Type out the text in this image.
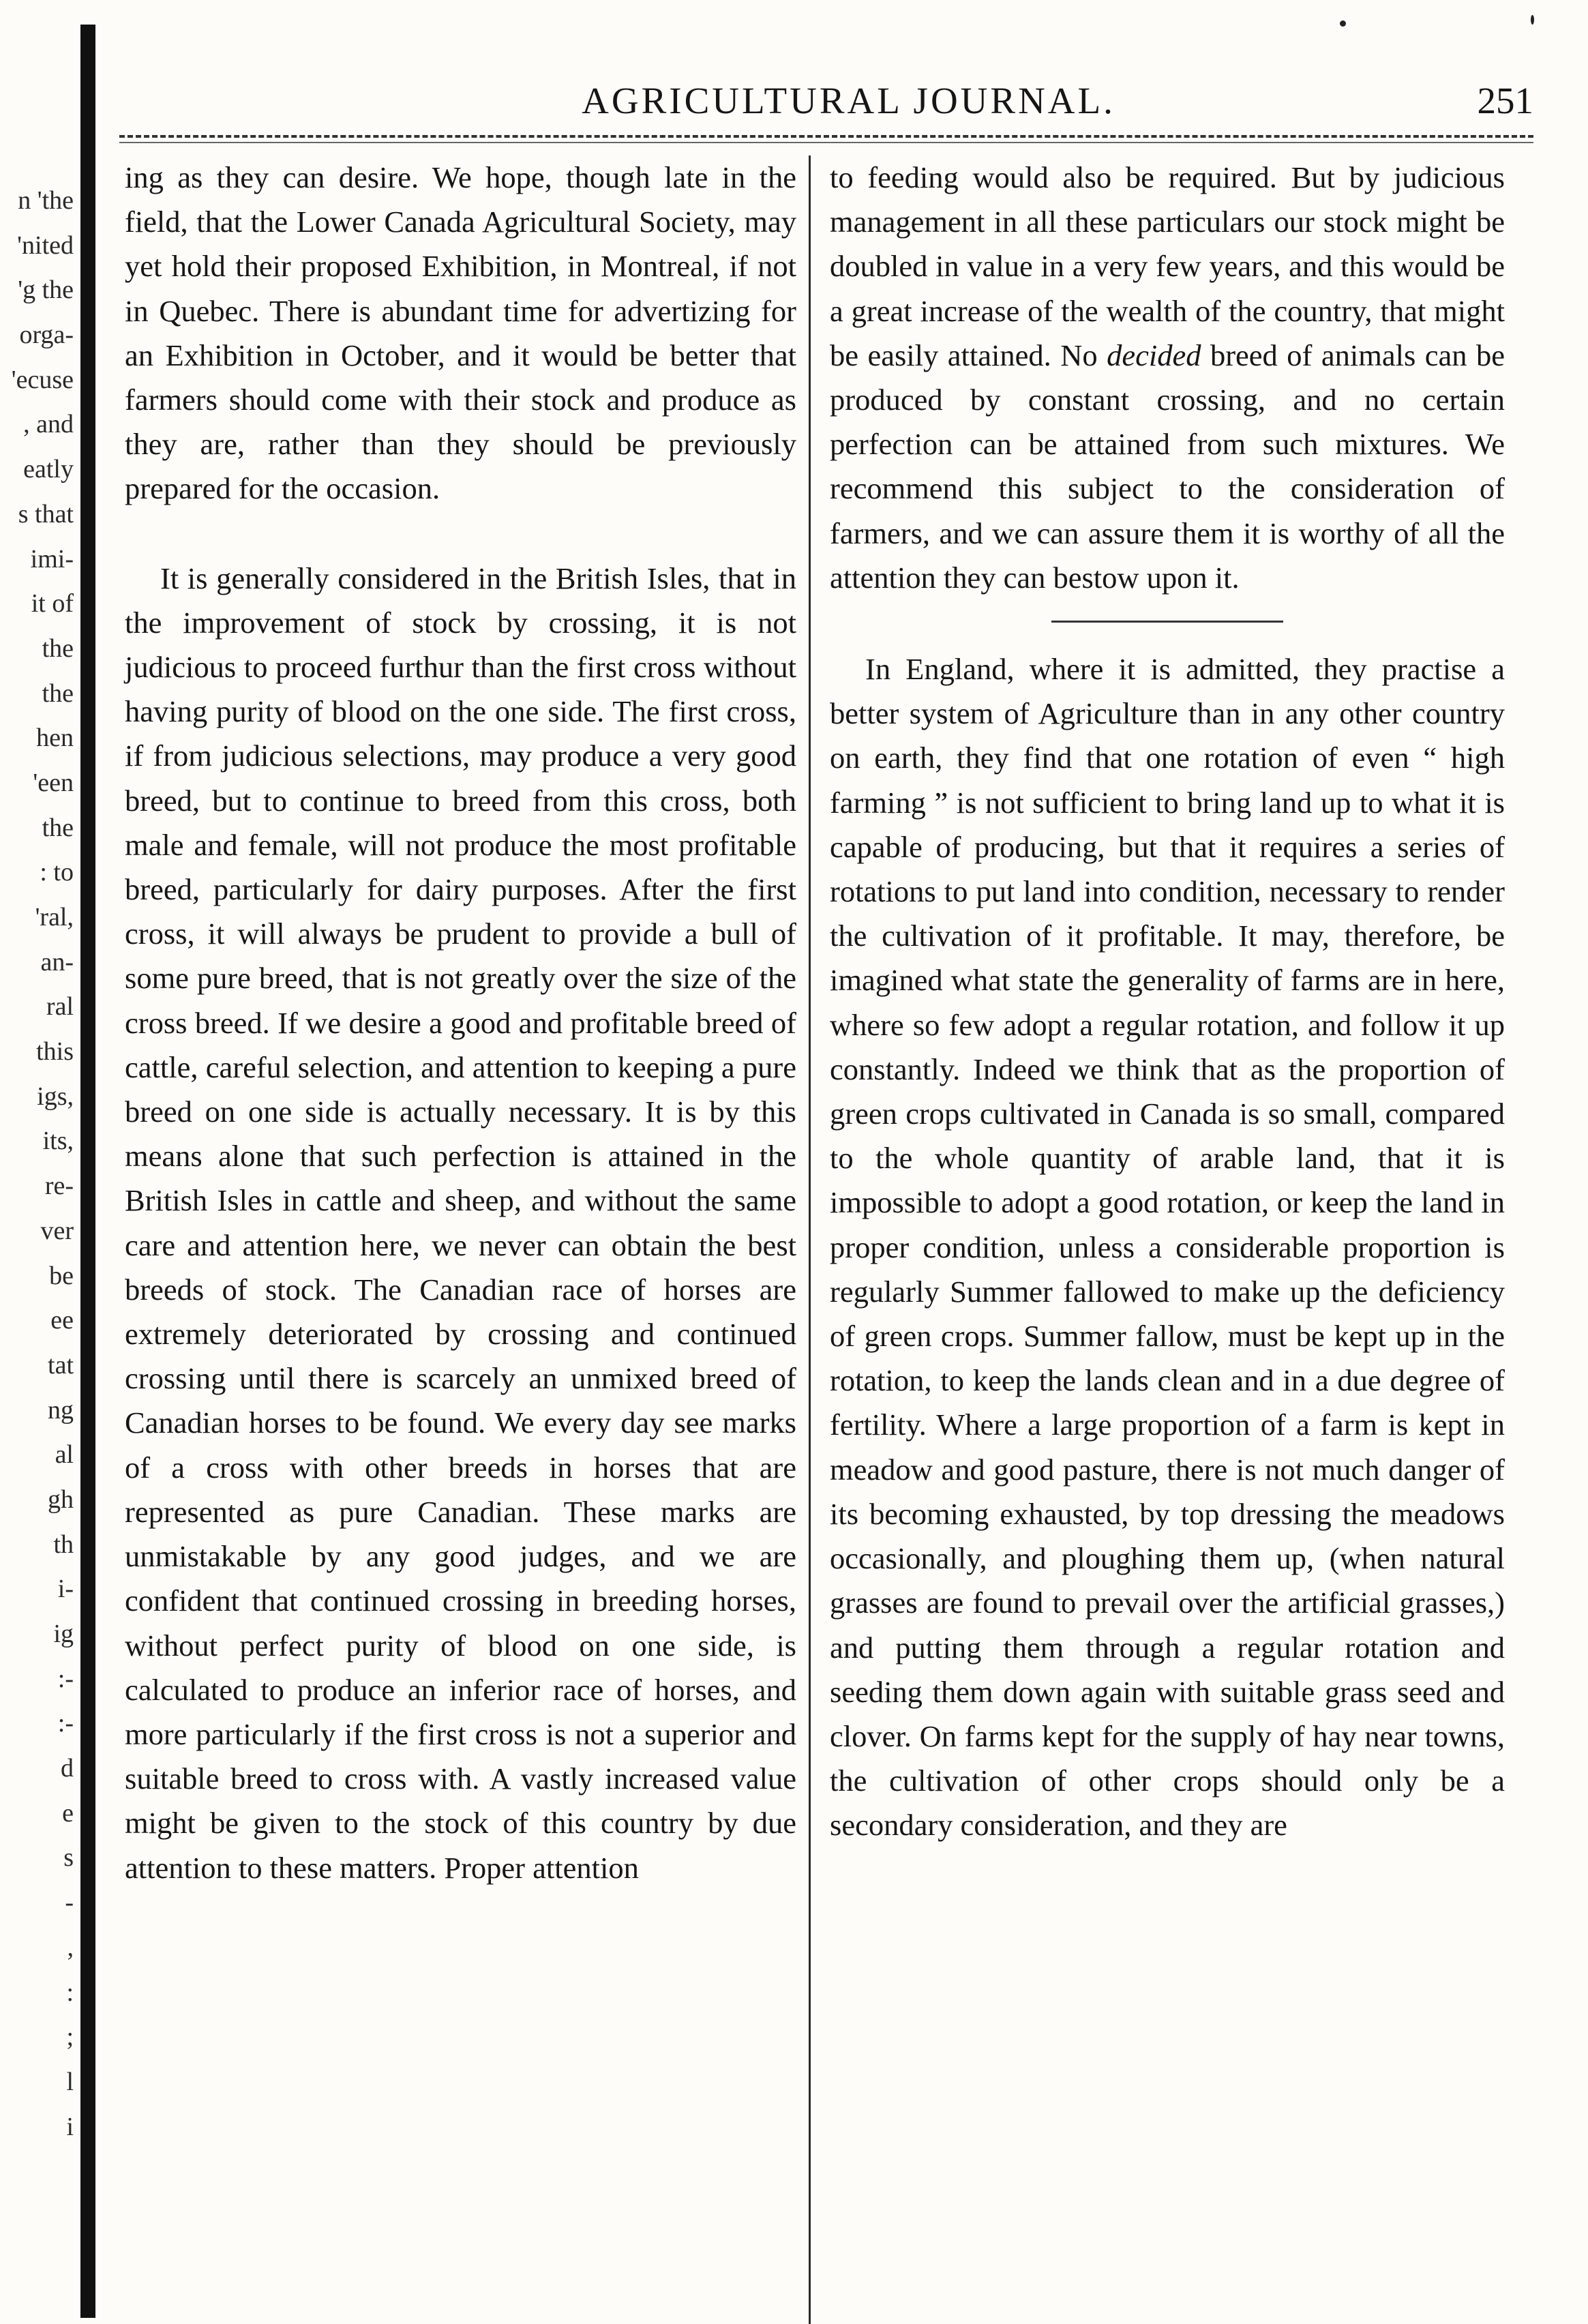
n 'the
'nited
'g the
orga-
'ecuse
, and
eatly
s that
imi-
it of
the
the
hen
'een
the
: to
'ral,
an-
ral
this
igs,
its,
re-
ver
be
ee
tat
ng
al
gh
th
i-
ig
:-
:-
d
e
s
-
,
:
;
l
i
AGRICULTURAL JOURNAL.	251

ing as they can desire. We hope, though late in the field, that the Lower Canada Agricultural Society, may yet hold their proposed Exhibition, in Montreal, if not in Quebec. There is abundant time for advertizing for an Exhibition in October, and it would be better that farmers should come with their stock and produce as they are, rather than they should be previously prepared for the occasion.

It is generally considered in the British Isles, that in the improvement of stock by crossing, it is not judicious to proceed furthur than the first cross without having purity of blood on the one side. The first cross, if from judicious selections, may produce a very good breed, but to continue to breed from this cross, both male and female, will not produce the most profitable breed, particularly for dairy purposes. After the first cross, it will always be prudent to provide a bull of some pure breed, that is not greatly over the size of the cross breed. If we desire a good and profitable breed of cattle, careful selection, and attention to keeping a pure breed on one side is actually necessary. It is by this means alone that such perfection is attained in the British Isles in cattle and sheep, and without the same care and attention here, we never can obtain the best breeds of stock. The Canadian race of horses are extremely deteriorated by crossing and continued crossing until there is scarcely an unmixed breed of Canadian horses to be found. We every day see marks of a cross with other breeds in horses that are represented as pure Canadian. These marks are unmistakable by any good judges, and we are confident that continued crossing in breeding horses, without perfect purity of blood on one side, is calculated to produce an inferior race of horses, and more particularly if the first cross is not a superior and suitable breed to cross with. A vastly increased value might be given to the stock of this country by due attention to these matters. Proper attention

to feeding would also be required. But by judicious management in all these particulars our stock might be doubled in value in a very few years, and this would be a great increase of the wealth of the country, that might be easily attained. No decided breed of animals can be produced by constant crossing, and no certain perfection can be attained from such mixtures. We recommend this subject to the consideration of farmers, and we can assure them it is worthy of all the attention they can bestow upon it.

In England, where it is admitted, they practise a better system of Agriculture than in any other country on earth, they find that one rotation of even “ high farming ” is not sufficient to bring land up to what it is capable of producing, but that it requires a series of rotations to put land into condition, necessary to render the cultivation of it profitable. It may, therefore, be imagined what state the generality of farms are in here, where so few adopt a regular rotation, and follow it up constantly. Indeed we think that as the proportion of green crops cultivated in Canada is so small, compared to the whole quantity of arable land, that it is impossible to adopt a good rotation, or keep the land in proper condition, unless a considerable proportion is regularly Summer fallowed to make up the deficiency of green crops. Summer fallow, must be kept up in the rotation, to keep the lands clean and in a due degree of fertility. Where a large proportion of a farm is kept in meadow and good pasture, there is not much danger of its becoming exhausted, by top dressing the meadows occasionally, and ploughing them up, (when natural grasses are found to prevail over the artificial grasses,) and putting them through a regular rotation and seeding them down again with suitable grass seed and clover. On farms kept for the supply of hay near towns, the cultivation of other crops should only be a secondary consideration, and they are
